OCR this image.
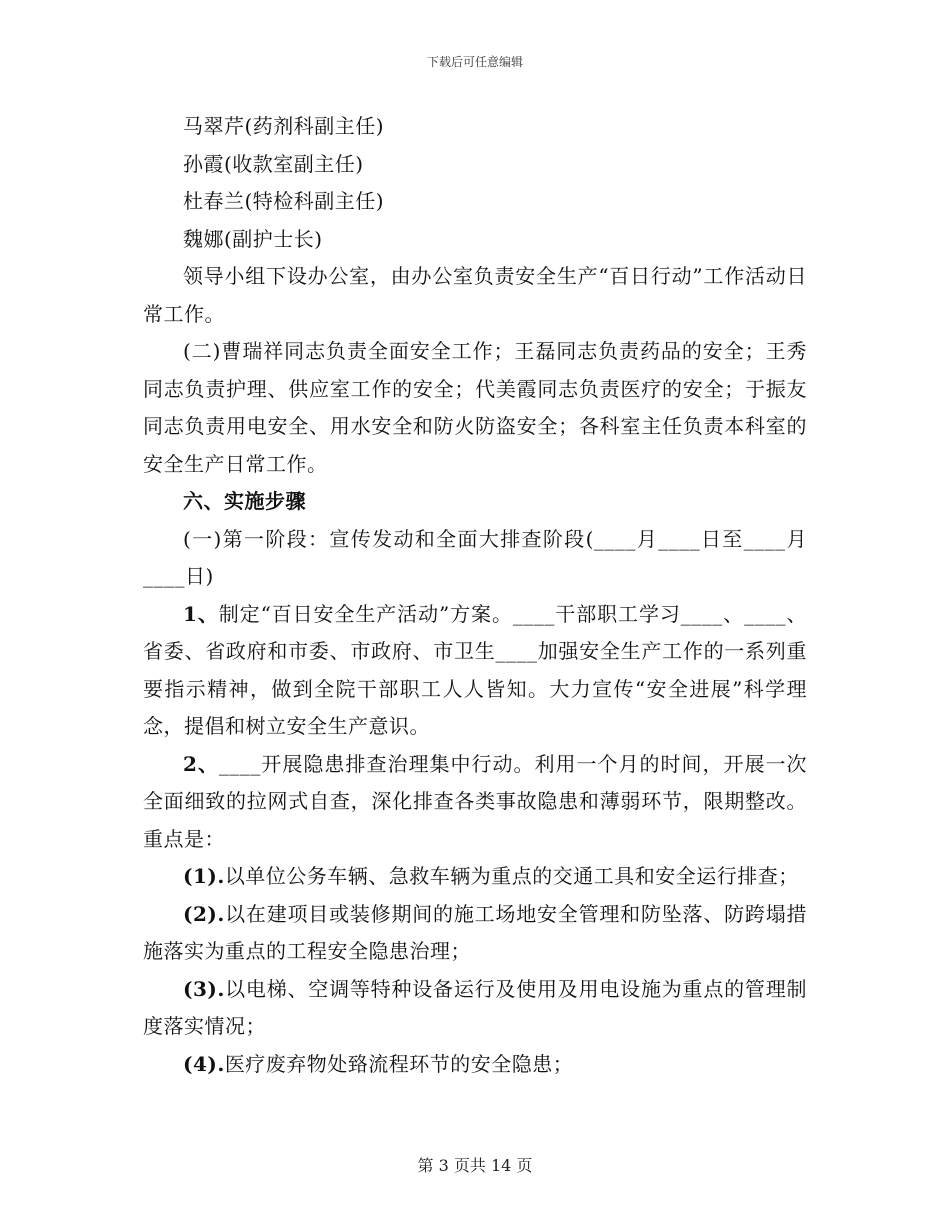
下载后可任意编辑

马翠芹(药剂科副主任)

孙霞(收款室副主任)

杜春兰(特检科副主任)

魏娜(副护士长)

领导小组下设办公室，由办公室负责安全生产“百日行动”工作活动日常工作。

(二)曹瑞祥同志负责全面安全工作；王磊同志负责药品的安全；王秀同志负责护理、供应室工作的安全；代美霞同志负责医疗的安全；于振友同志负责用电安全、用水安全和防火防盗安全；各科室主任负责本科室的安全生产日常工作。

六、实施步骤

(一)第一阶段：宣传发动和全面大排查阶段(____月____日至____月____日)

1、制定“百日安全生产活动”方案。____干部职工学习____、____、省委、省政府和市委、市政府、市卫生____加强安全生产工作的一系列重要指示精神，做到全院干部职工人人皆知。大力宣传“安全进展”科学理念，提倡和树立安全生产意识。

2、____开展隐患排查治理集中行动。利用一个月的时间，开展一次全面细致的拉网式自查，深化排查各类事故隐患和薄弱环节，限期整改。重点是：

(1).以单位公务车辆、急救车辆为重点的交通工具和安全运行排查；

(2).以在建项目或装修期间的施工场地安全管理和防坠落、防跨塌措施落实为重点的工程安全隐患治理；

(3).以电梯、空调等特种设备运行及使用及用电设施为重点的管理制度落实情况；

(4).医疗废弃物处臵流程环节的安全隐患；

第 3 页共 14 页
